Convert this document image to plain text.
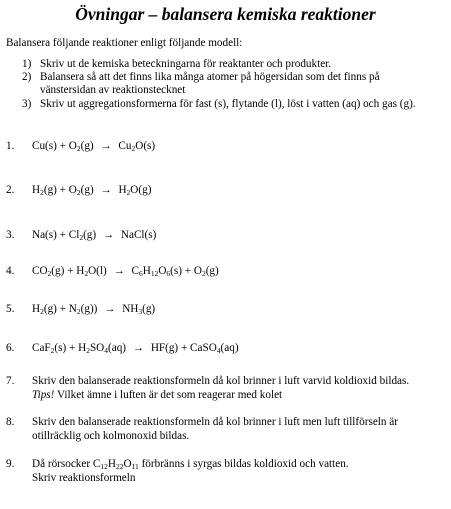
Övningar – balansera kemiska reaktioner
Balansera följande reaktioner enligt följande modell:
1) Skriv ut de kemiska beteckningarna för reaktanter och produkter.
2) Balansera så att det finns lika många atomer på högersidan som det finns på
vänstersidan av reaktionstecknet
3) Skriv ut aggregationsformerna för fast (s), flytande (l), löst i vatten (aq) och gas (g).
1. $Cu(s) + O_2(g) \to Cu_2O(s)$
2. $H_2(g) + O_2(g) \to H_2O(g)$
3. $Na(s) + Cl_2(g)$ → NaCl(s)
4. $CO_2(g) + H_2O(l) \to C_6H_{12}O_6(s) + O_2(g)$
5. $H_2(g) + N_2(g)) \to NH_3(g)$
6. $CaF_2(s) + H_2SO_4(aq) \to HF(g)$ + CaSO$_4$(aq)
7. Skriv den balanserade reaktionsformeln då kol brinner i luft varvid koldioxid bildas.
Tips! Vilket ämne i luften är det som reagerar med kolet
8. Skriv den balanserade reaktionsformeln då kol brinner i luft men luft tillförseln är
otillräcklig och kolmonoxid bildas.
9. Då rörsocker $C_{12}H_{22}O_{11}$ förbränns i syrgas bildas koldioxid och vatten.
Skriv reaktionsformeln
